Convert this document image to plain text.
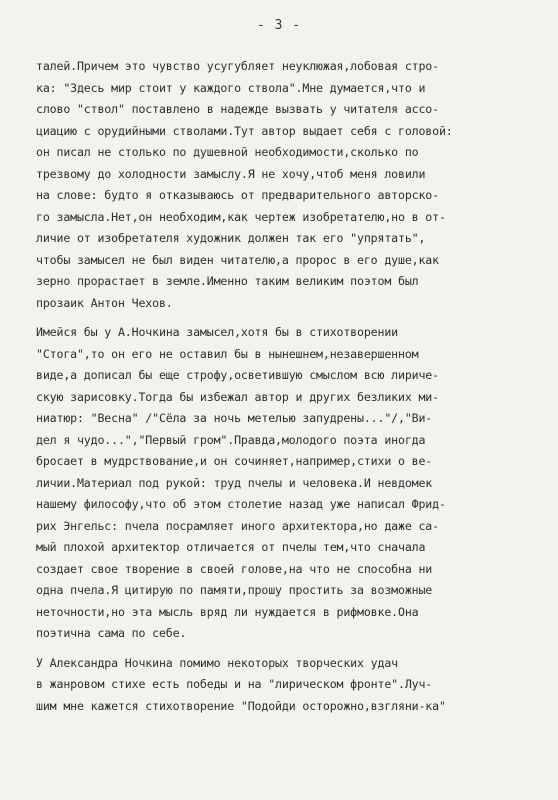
- 3 -
талей.Причем это чувство усугубляет неуклюжая,лобовая стро-
ка: "Здесь мир стоит у каждого ствола".Мне думается,что и
слово "ствол" поставлено в надежде вызвать у читателя ассо-
циацию с орудийными стволами.Тут автор выдает себя с головой:
он писал не столько по душевной необходимости,сколько по
трезвому до холодности замыслу.Я не хочу,чтоб меня ловили
на слове: будто я отказываюсь от предварительного авторско-
го замысла.Нет,он необходим,как чертеж изобретателю,но в от-
личие от изобретателя художник должен так его "упрятать",
чтобы замысел не был виден читателю,а пророс в его душе,как
зерно прорастает в земле.Именно таким великим поэтом был
прозаик Антон Чехов.
Имейся бы у А.Ночкина замысел,хотя бы в стихотворении
"Стога",то он его не оставил бы в нынешнем,незавершенном
виде,а дописал бы еще строфу,осветившую смыслом всю лириче-
скую зарисовку.Тогда бы избежал автор и других безликих ми-
ниатюр: "Весна" /"Сёла за ночь метелью запудрены..."/,"Ви-
дел я чудо...","Первый гром".Правда,молодого поэта иногда
бросает в мудрствование,и он сочиняет,например,стихи о ве-
личии.Материал под рукой: труд пчелы и человека.И невдомек
нашему философу,что об этом столетие назад уже написал Фрид-
рих Энгельс: пчела посрамляет иного архитектора,но даже са-
мый плохой архитектор отличается от пчелы тем,что сначала
создает свое творение в своей голове,на что не способна ни
одна пчела.Я цитирую по памяти,прошу простить за возможные
неточности,но эта мысль вряд ли нуждается в рифмовке.Она
поэтична сама по себе.
У Александра Ночкина помимо некоторых творческих удач
в жанровом стихе есть победы и на "лирическом фронте".Луч-
шим мне кажется стихотворение "Подойди осторожно,взгляни-ка"
